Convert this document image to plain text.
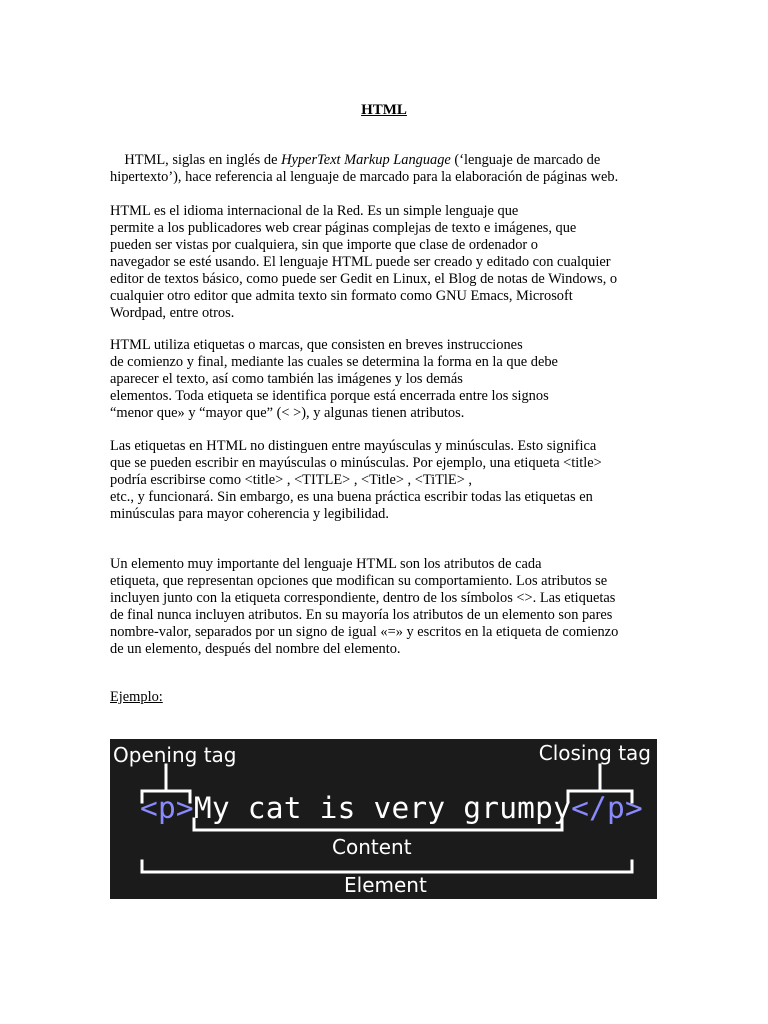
HTML
HTML, siglas en inglés de HyperText Markup Language (‘lenguaje de marcado de
hipertexto’), hace referencia al lenguaje de marcado para la elaboración de páginas web.
HTML es el idioma internacional de la Red. Es un simple lenguaje que
permite a los publicadores web crear páginas complejas de texto e imágenes, que
pueden ser vistas por cualquiera, sin que importe que clase de ordenador o
navegador se esté usando. El lenguaje HTML puede ser creado y editado con cualquier
editor de textos básico, como puede ser Gedit en Linux, el Blog de notas de Windows, o
cualquier otro editor que admita texto sin formato como GNU Emacs, Microsoft
Wordpad, entre otros.
HTML utiliza etiquetas o marcas, que consisten en breves instrucciones
de comienzo y final, mediante las cuales se determina la forma en la que debe
aparecer el texto, así como también las imágenes y los demás
elementos. Toda etiqueta se identifica porque está encerrada entre los signos
“menor que» y “mayor que” (< >), y algunas tienen atributos.
Las etiquetas en HTML no distinguen entre mayúsculas y minúsculas. Esto significa
que se pueden escribir en mayúsculas o minúsculas. Por ejemplo, una etiqueta <title>
podría escribirse como <title> , <TITLE> , <Title> , <TiTlE> ,
etc., y funcionará. Sin embargo, es una buena práctica escribir todas las etiquetas en
minúsculas para mayor coherencia y legibilidad.
Un elemento muy importante del lenguaje HTML son los atributos de cada
etiqueta, que representan opciones que modifican su comportamiento. Los atributos se
incluyen junto con la etiqueta correspondiente, dentro de los símbolos <>. Las etiquetas
de final nunca incluyen atributos. En su mayoría los atributos de un elemento son pares
nombre-valor, separados por un signo de igual «=» y escritos en la etiqueta de comienzo
de un elemento, después del nombre del elemento.
Ejemplo:
Opening tag	Closing tag
<p>My cat is very grumpy</p>
Content
Element
